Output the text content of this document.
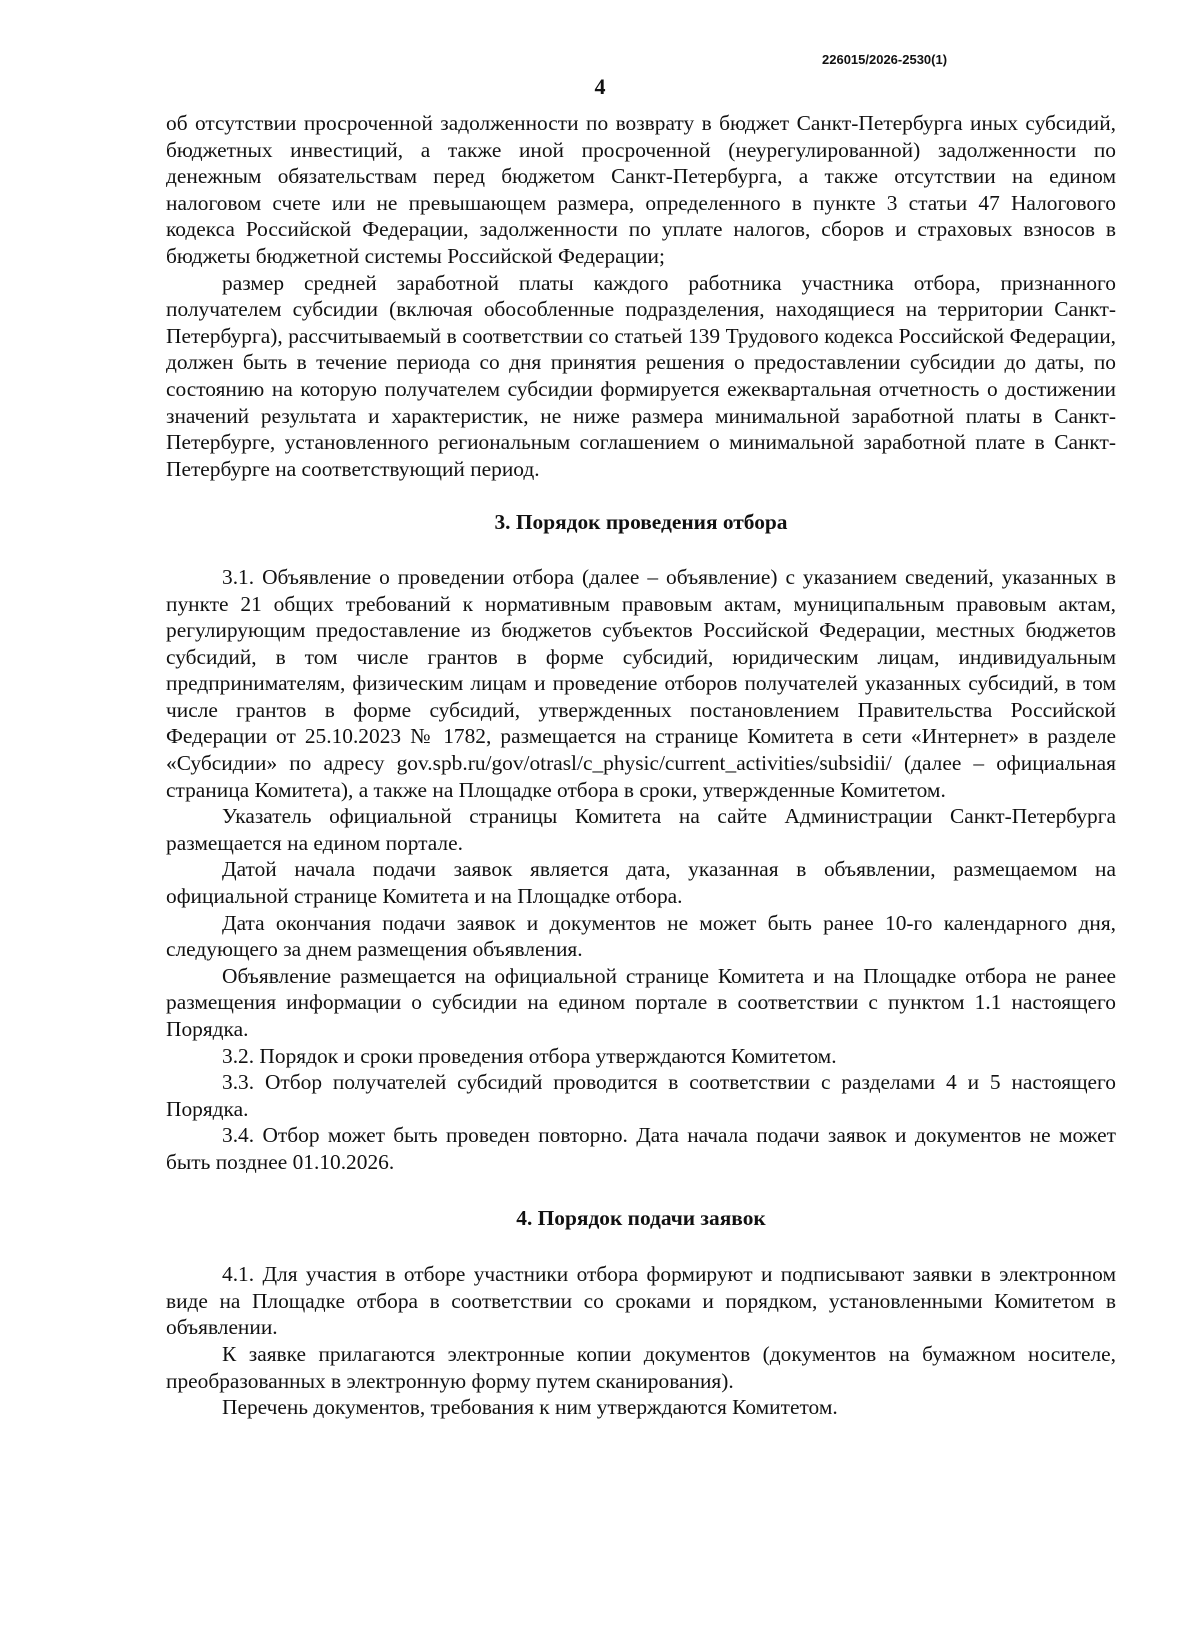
226015/2026-2530(1)
4

об отсутствии просроченной задолженности по возврату в бюджет Санкт-Петербурга иных субсидий, бюджетных инвестиций, а также иной просроченной (неурегулированной) задолженности по денежным обязательствам перед бюджетом Санкт-Петербурга, а также отсутствии на едином налоговом счете или не превышающем размера, определенного в пункте 3 статьи 47 Налогового кодекса Российской Федерации, задолженности по уплате налогов, сборов и страховых взносов в бюджеты бюджетной системы Российской Федерации;

размер средней заработной платы каждого работника участника отбора, признанного получателем субсидии (включая обособленные подразделения, находящиеся на территории Санкт-Петербурга), рассчитываемый в соответствии со статьей 139 Трудового кодекса Российской Федерации, должен быть в течение периода со дня принятия решения о предоставлении субсидии до даты, по состоянию на которую получателем субсидии формируется ежеквартальная отчетность о достижении значений результата и характеристик, не ниже размера минимальной заработной платы в Санкт-Петербурге, установленного региональным соглашением о минимальной заработной плате в Санкт-Петербурге на соответствующий период.

3. Порядок проведения отбора

3.1. Объявление о проведении отбора (далее – объявление) с указанием сведений, указанных в пункте 21 общих требований к нормативным правовым актам, муниципальным правовым актам, регулирующим предоставление из бюджетов субъектов Российской Федерации, местных бюджетов субсидий, в том числе грантов в форме субсидий, юридическим лицам, индивидуальным предпринимателям, физическим лицам и проведение отборов получателей указанных субсидий, в том числе грантов в форме субсидий, утвержденных постановлением Правительства Российской Федерации от 25.10.2023 № 1782, размещается на странице Комитета в сети «Интернет» в разделе «Субсидии» по адресу gov.spb.ru/gov/otrasl/c_physic/current_activities/subsidii/ (далее – официальная страница Комитета), а также на Площадке отбора в сроки, утвержденные Комитетом.

Указатель официальной страницы Комитета на сайте Администрации Санкт-Петербурга размещается на едином портале.

Датой начала подачи заявок является дата, указанная в объявлении, размещаемом на официальной странице Комитета и на Площадке отбора.

Дата окончания подачи заявок и документов не может быть ранее 10-го календарного дня, следующего за днем размещения объявления.

Объявление размещается на официальной странице Комитета и на Площадке отбора не ранее размещения информации о субсидии на едином портале в соответствии с пунктом 1.1 настоящего Порядка.

3.2. Порядок и сроки проведения отбора утверждаются Комитетом.

3.3. Отбор получателей субсидий проводится в соответствии с разделами 4 и 5 настоящего Порядка.

3.4. Отбор может быть проведен повторно. Дата начала подачи заявок и документов не может быть позднее 01.10.2026.

4. Порядок подачи заявок

4.1. Для участия в отборе участники отбора формируют и подписывают заявки в электронном виде на Площадке отбора в соответствии со сроками и порядком, установленными Комитетом в объявлении.

К заявке прилагаются электронные копии документов (документов на бумажном носителе, преобразованных в электронную форму путем сканирования).

Перечень документов, требования к ним утверждаются Комитетом.
